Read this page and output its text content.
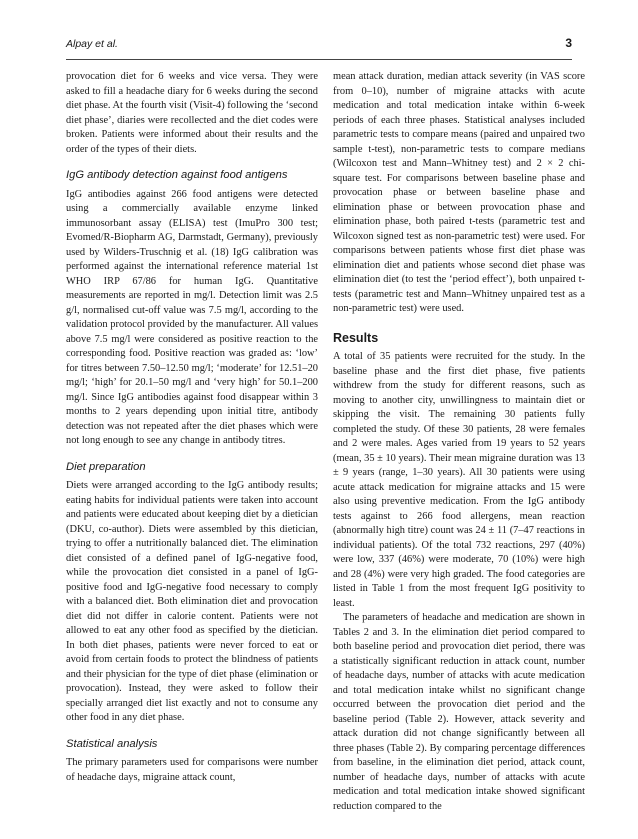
Alpay et al.	3

provocation diet for 6 weeks and vice versa. They were asked to fill a headache diary for 6 weeks during the second diet phase. At the fourth visit (Visit-4) following the ‘second diet phase’, diaries were recollected and the diet codes were broken. Patients were informed about their results and the order of the types of their diets.

IgG antibody detection against food antigens

IgG antibodies against 266 food antigens were detected using a commercially available enzyme linked immunosorbant assay (ELISA) test (ImuPro 300 test; Evomed/R-Biopharm AG, Darmstadt, Germany), previously used by Wilders-Truschnig et al. (18) IgG calibration was performed against the international reference material 1st WHO IRP 67/86 for human IgG. Quantitative measurements are reported in mg/l. Detection limit was 2.5 g/l, normalised cut-off value was 7.5 mg/l, according to the validation protocol provided by the manufacturer. All values above 7.5 mg/l were considered as positive reaction to the corresponding food. Positive reaction was graded as: ‘low’ for titres between 7.50–12.50 mg/l; ‘moderate’ for 12.51–20 mg/l; ‘high’ for 20.1–50 mg/l and ‘very high’ for 50.1–200 mg/l. Since IgG antibodies against food disappear within 3 months to 2 years depending upon initial titre, antibody detection was not repeated after the diet phases which were not long enough to see any change in antibody titres.

Diet preparation

Diets were arranged according to the IgG antibody results; eating habits for individual patients were taken into account and patients were educated about keeping diet by a dietician (DKU, co-author). Diets were assembled by this dietician, trying to offer a nutritionally balanced diet. The elimination diet consisted of a defined panel of IgG-negative food, while the provocation diet consisted in a panel of IgG-positive food and IgG-negative food necessary to comply with a balanced diet. Both elimination diet and provocation diet did not differ in calorie content. Patients were not allowed to eat any other food as specified by the dietician. In both diet phases, patients were never forced to eat or avoid from certain foods to protect the blindness of patients and their physician for the type of diet phase (elimination or provocation). Instead, they were asked to follow their specially arranged diet list exactly and not to consume any other food in any diet phase.

Statistical analysis

The primary parameters used for comparisons were number of headache days, migraine attack count,

mean attack duration, median attack severity (in VAS score from 0–10), number of migraine attacks with acute medication and total medication intake within 6-week periods of each three phases. Statistical analyses included parametric tests to compare means (paired and unpaired two sample t-test), non-parametric tests to compare medians (Wilcoxon test and Mann–Whitney test) and 2 × 2 chi-square test. For comparisons between baseline phase and provocation phase or between baseline phase and elimination phase or between provocation phase and elimination phase, both paired t-tests (parametric test and Wilcoxon signed test as non-parametric test) were used. For comparisons between patients whose first diet phase was elimination diet and patients whose second diet phase was elimination diet (to test the ‘period effect’), both unpaired t-tests (parametric test and Mann–Whitney unpaired test as a non-parametric test) were used.

Results

A total of 35 patients were recruited for the study. In the baseline phase and the first diet phase, five patients withdrew from the study for different reasons, such as moving to another city, unwillingness to maintain diet or skipping the visit. The remaining 30 patients fully completed the study. Of these 30 patients, 28 were females and 2 were males. Ages varied from 19 years to 52 years (mean, 35 ± 10 years). Their mean migraine duration was 13 ± 9 years (range, 1–30 years). All 30 patients were using acute attack medication for migraine attacks and 15 were also using preventive medication. From the IgG antibody tests against to 266 food allergens, mean reaction (abnormally high titre) count was 24 ± 11 (7–47 reactions in individual patients). Of the total 732 reactions, 297 (40%) were low, 337 (46%) were moderate, 70 (10%) were high and 28 (4%) were very high graded. The food categories are listed in Table 1 from the most frequent IgG positivity to least.

The parameters of headache and medication are shown in Tables 2 and 3. In the elimination diet period compared to both baseline period and provocation diet period, there was a statistically significant reduction in attack count, number of headache days, number of attacks with acute medication and total medication intake whilst no significant change occurred between the provocation diet period and the baseline period (Table 2). However, attack severity and attack duration did not change significantly between all three phases (Table 2). By comparing percentage differences from baseline, in the elimination diet period, attack count, number of headache days, number of attacks with acute medication and total medication intake showed significant reduction compared to the
